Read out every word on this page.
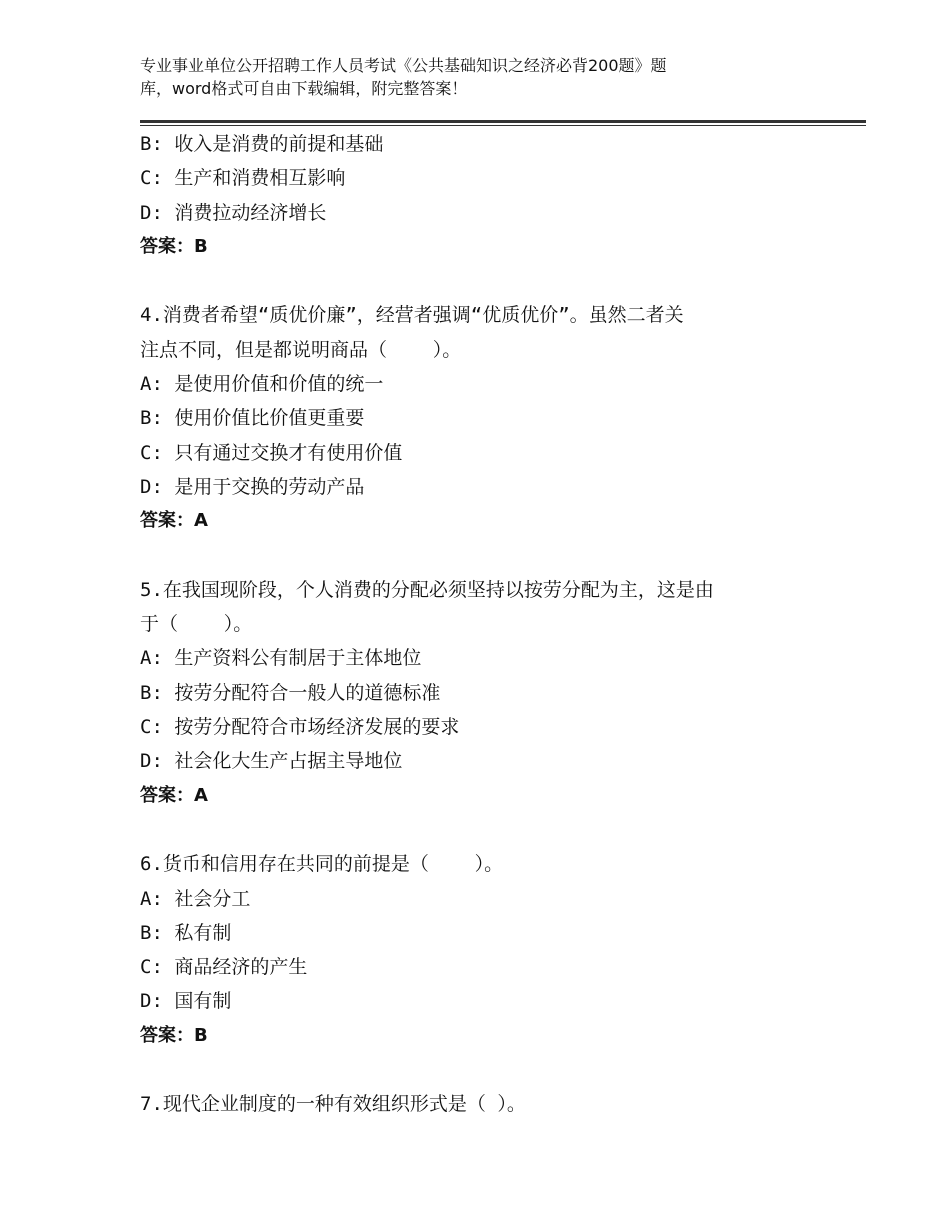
专业事业单位公开招聘工作人员考试《公共基础知识之经济必背200题》题
库，word格式可自由下载编辑，附完整答案！
B: 收入是消费的前提和基础
C: 生产和消费相互影响
D: 消费拉动经济增长
答案：B
4.消费者希望“质优价廉”，经营者强调“优质优价”。虽然二者关
注点不同，但是都说明商品（    ）。
A: 是使用价值和价值的统一
B: 使用价值比价值更重要
C: 只有通过交换才有使用价值
D: 是用于交换的劳动产品
答案：A
5.在我国现阶段，个人消费的分配必须坚持以按劳分配为主，这是由
于（    ）。
A: 生产资料公有制居于主体地位
B: 按劳分配符合一般人的道德标准
C: 按劳分配符合市场经济发展的要求
D: 社会化大生产占据主导地位
答案：A
6.货币和信用存在共同的前提是（    ）。
A: 社会分工
B: 私有制
C: 商品经济的产生
D: 国有制
答案：B
7.现代企业制度的一种有效组织形式是（ ）。
